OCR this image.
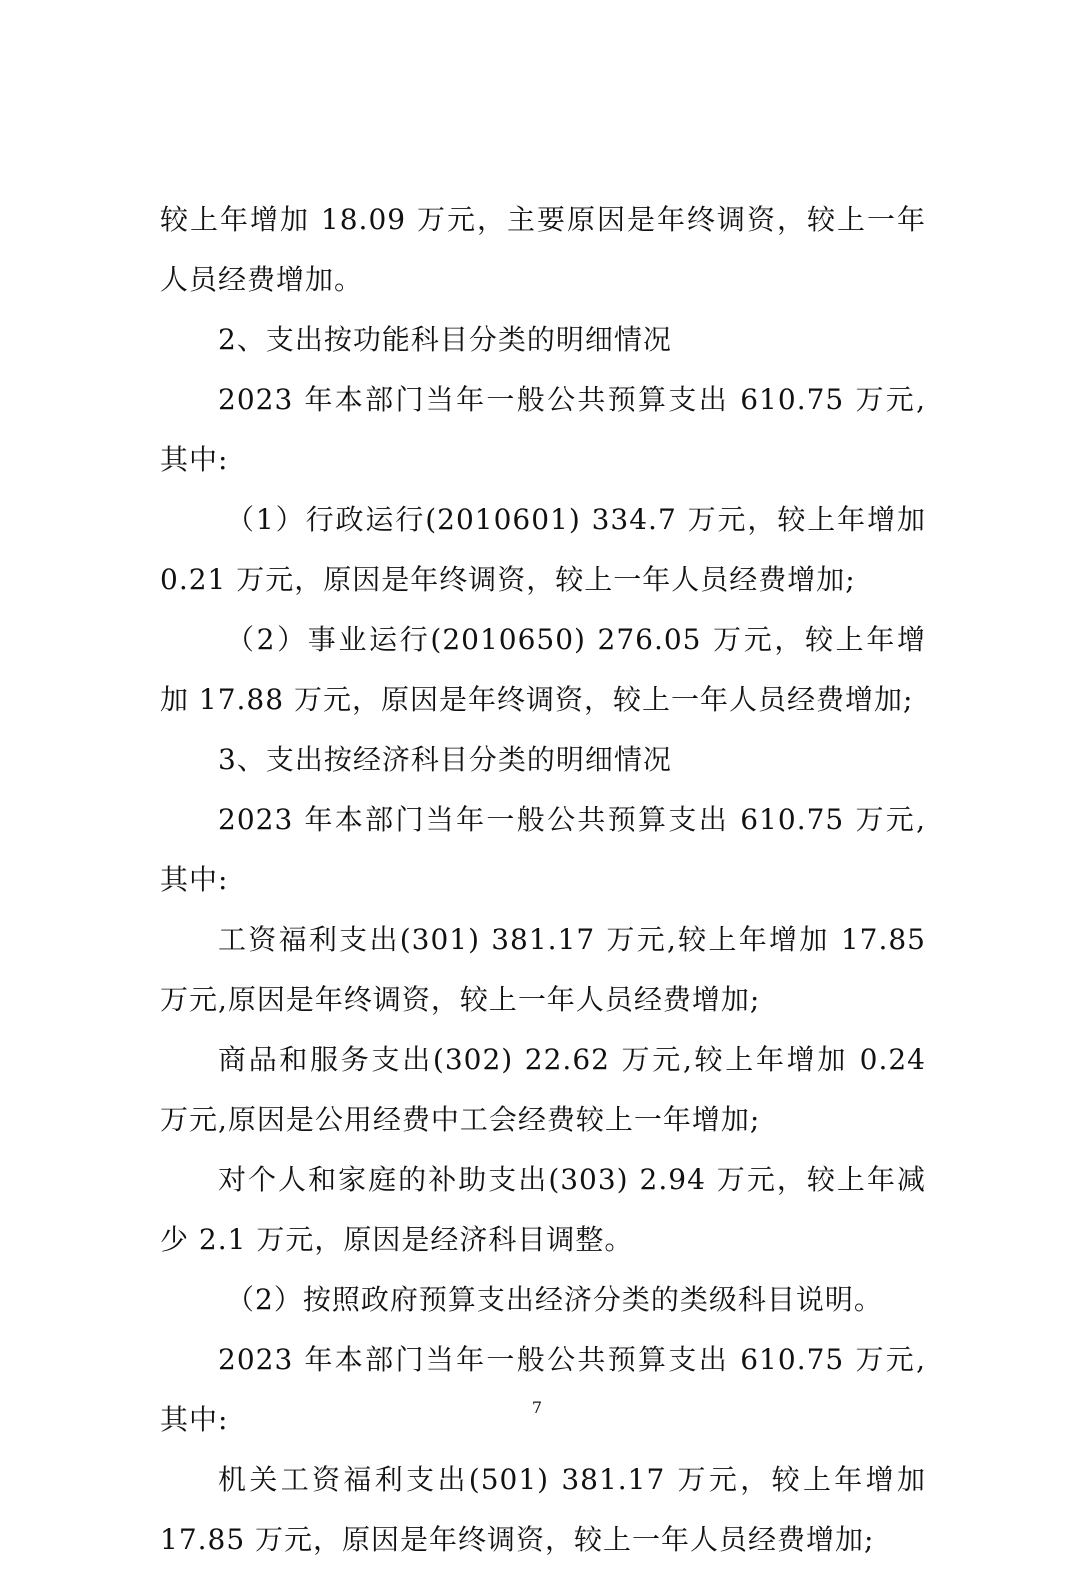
较上年增加 18.09 万元，主要原因是年终调资，较上一年人员经费增加。

2、支出按功能科目分类的明细情况

2023 年本部门当年一般公共预算支出 610.75 万元,其中:

（1）行政运行(2010601) 334.7 万元，较上年增加 0.21 万元，原因是年终调资，较上一年人员经费增加;

（2）事业运行(2010650) 276.05 万元，较上年增加 17.88 万元，原因是年终调资，较上一年人员经费增加;

3、支出按经济科目分类的明细情况

2023 年本部门当年一般公共预算支出 610.75 万元,其中:

工资福利支出(301) 381.17 万元,较上年增加 17.85 万元,原因是年终调资，较上一年人员经费增加;

商品和服务支出(302) 22.62 万元,较上年增加 0.24 万元,原因是公用经费中工会经费较上一年增加;

对个人和家庭的补助支出(303) 2.94 万元，较上年减少 2.1 万元，原因是经济科目调整。

（2）按照政府预算支出经济分类的类级科目说明。

2023 年本部门当年一般公共预算支出 610.75 万元,其中:

机关工资福利支出(501) 381.17 万元，较上年增加 17.85 万元，原因是年终调资，较上一年人员经费增加;

7
